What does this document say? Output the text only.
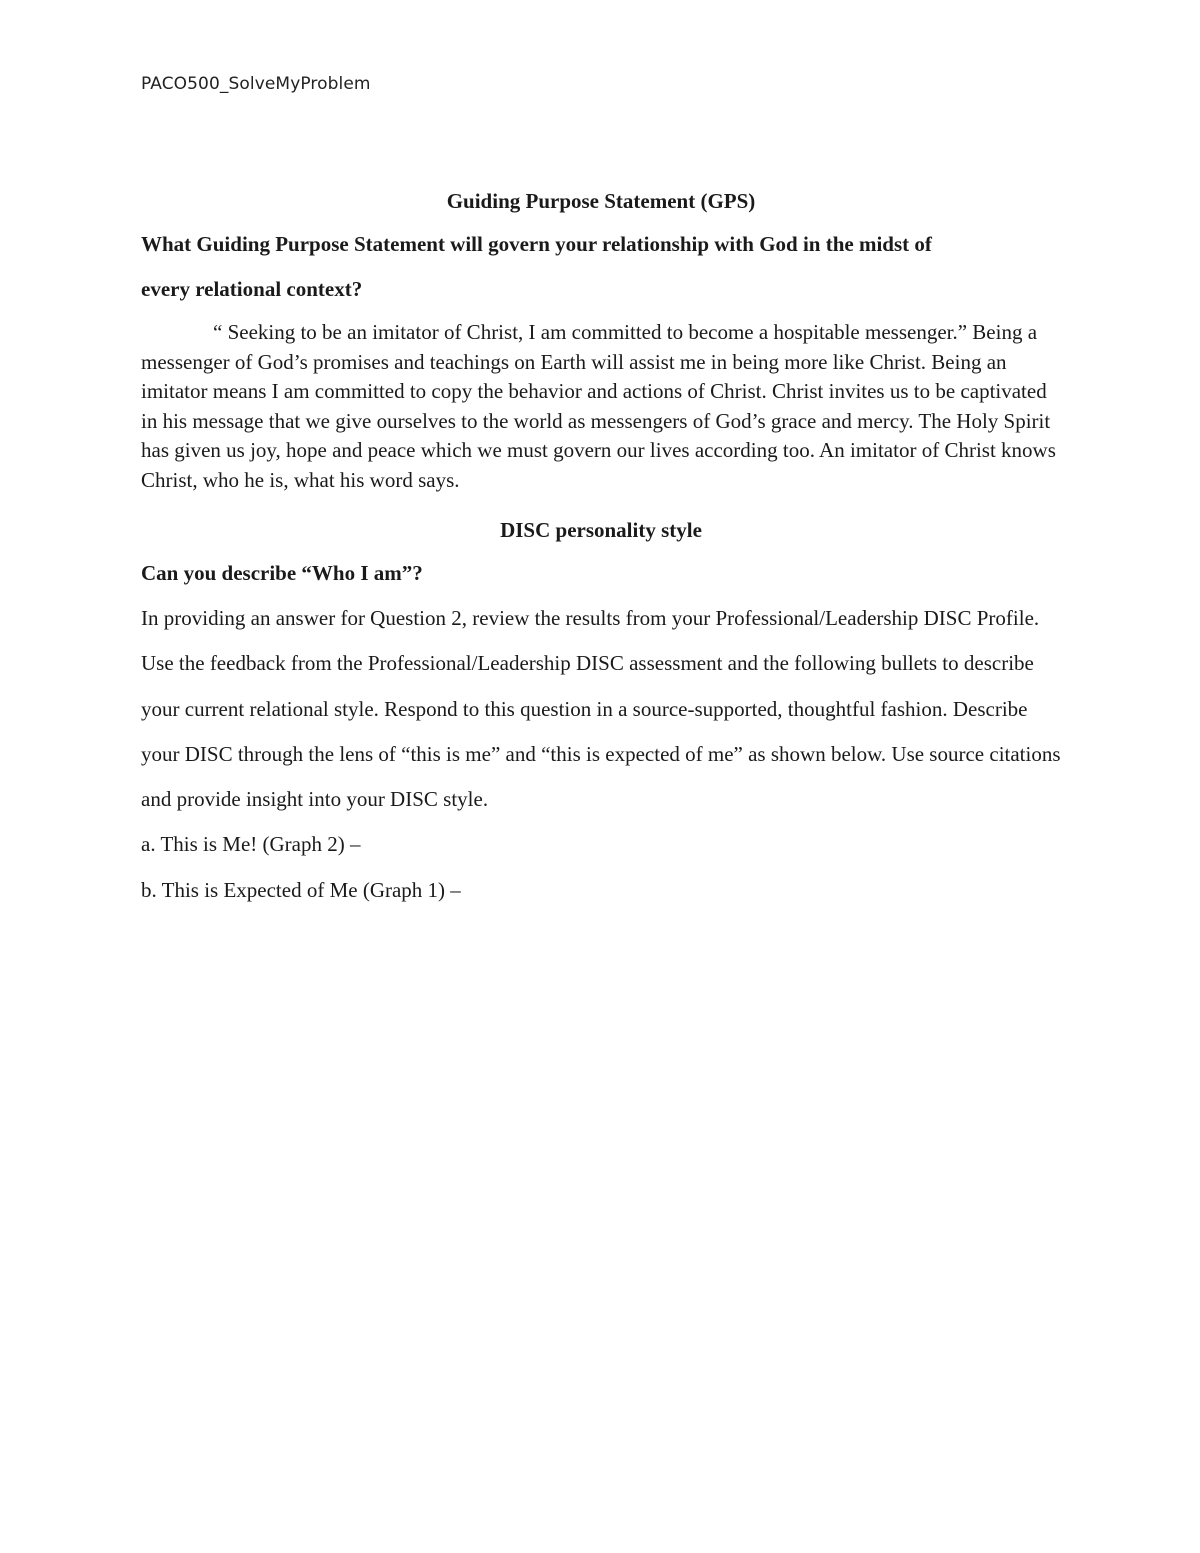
PACO500_SolveMyProblem

Guiding Purpose Statement (GPS)

What Guiding Purpose Statement will govern your relationship with God in the midst of

every relational context?

“ Seeking to be an imitator of Christ, I am committed to become a hospitable messenger.” Being a messenger of God’s promises and teachings on Earth will assist me in being more like Christ. Being an imitator means I am committed to copy the behavior and actions of Christ. Christ invites us to be captivated in his message that we give ourselves to the world as messengers of God’s grace and mercy. The Holy Spirit has given us joy, hope and peace which we must govern our lives according too. An imitator of Christ knows Christ, who he is, what his word says.

DISC personality style

Can you describe “Who I am”?

In providing an answer for Question 2, review the results from your Professional/Leadership DISC Profile. Use the feedback from the Professional/Leadership DISC assessment and the following bullets to describe your current relational style. Respond to this question in a source-supported, thoughtful fashion. Describe your DISC through the lens of “this is me” and “this is expected of me” as shown below. Use source citations and provide insight into your DISC style.

a. This is Me! (Graph 2) –

b. This is Expected of Me (Graph 1) –
